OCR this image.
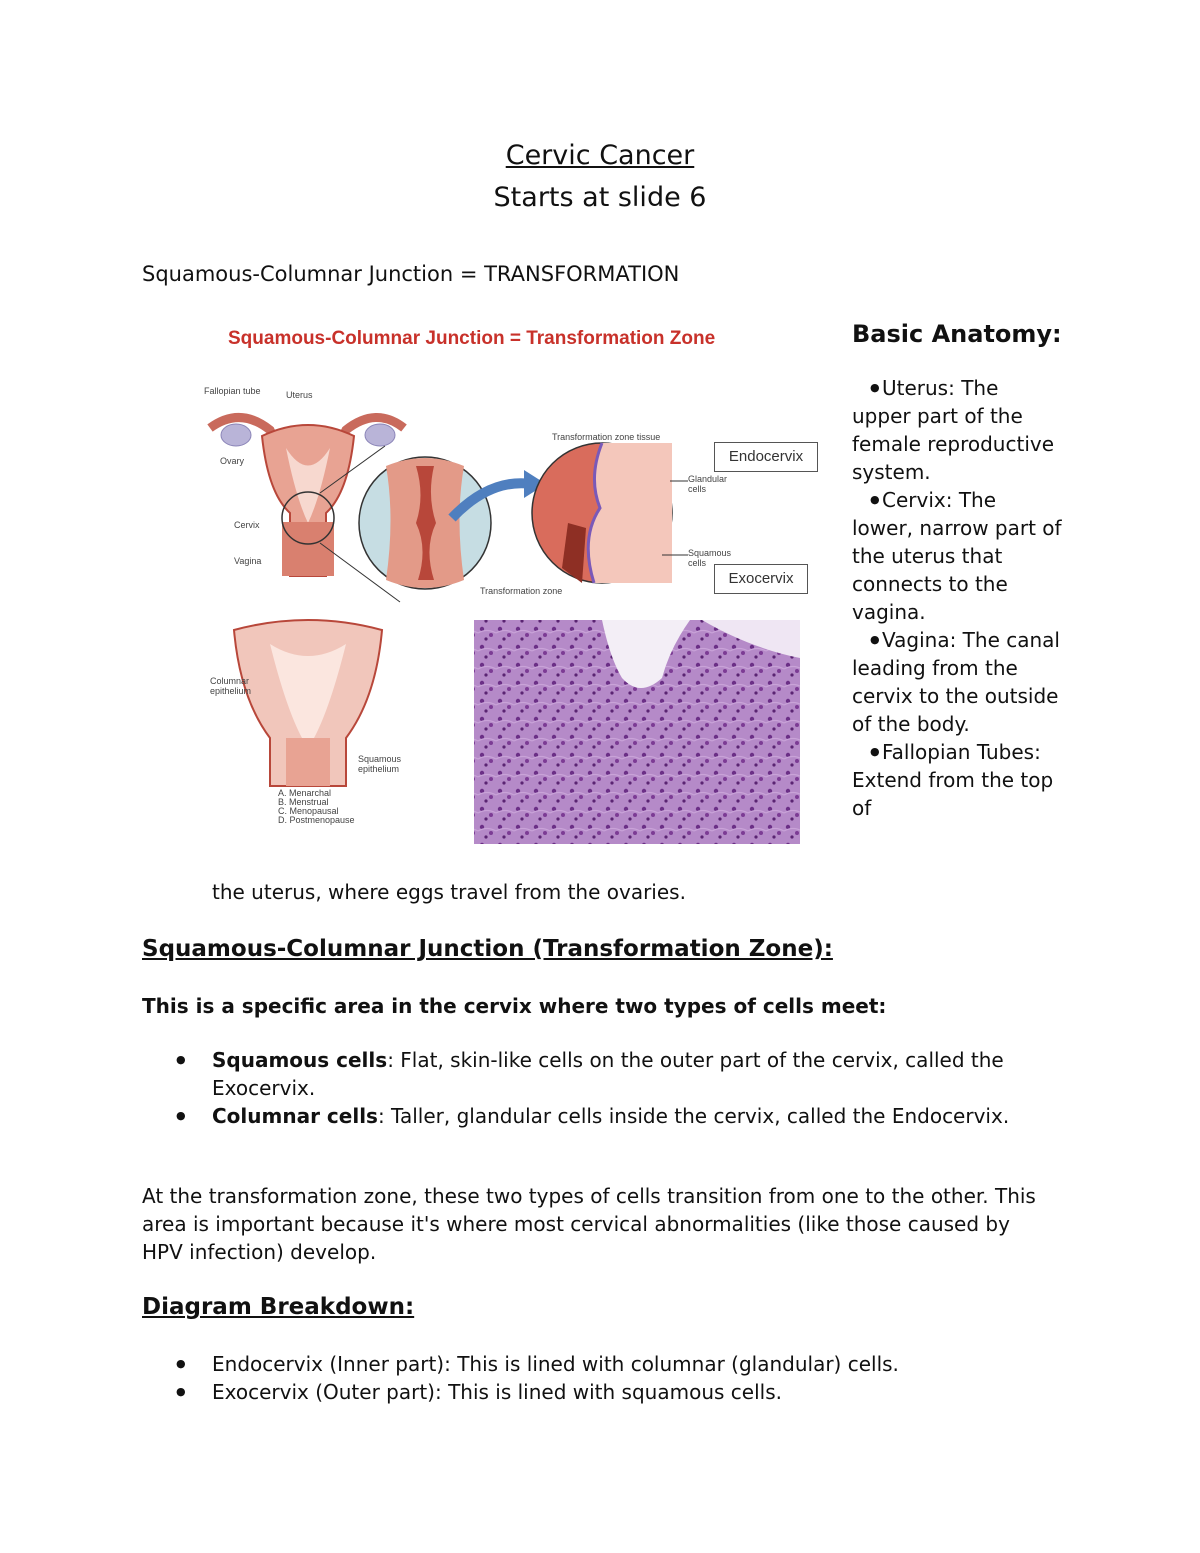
Cervic Cancer
Starts at slide 6
Squamous-Columnar Junction = TRANSFORMATION
Squamous-Columnar Junction = Transformation Zone
Fallopian tube	Uterus
Ovary
Cervix
Vagina
Transformation zone tissue
Glandular cells
Squamous cells
Transformation zone
Columnar epithelium
Squamous epithelium
A. Menarchal
B. Menstrual
C. Menopausal
D. Postmenopause
Endocervix
Exocervix
Basic Anatomy:
● Uterus: The upper part of the female reproductive system.
● Cervix: The lower, narrow part of the uterus that connects to the vagina.
● Vagina: The canal leading from the cervix to the outside of the body.
● Fallopian Tubes: Extend from the top of
the uterus, where eggs travel from the ovaries.
Squamous-Columnar Junction (Transformation Zone):

This is a specific area in the cervix where two types of cells meet:

● Squamous cells: Flat, skin-like cells on the outer part of the cervix, called the Exocervix.
● Columnar cells: Taller, glandular cells inside the cervix, called the Endocervix.

At the transformation zone, these two types of cells transition from one to the other. This area is important because it's where most cervical abnormalities (like those caused by HPV infection) develop.

Diagram Breakdown:
● Endocervix (Inner part): This is lined with columnar (glandular) cells.
● Exocervix (Outer part): This is lined with squamous cells.
